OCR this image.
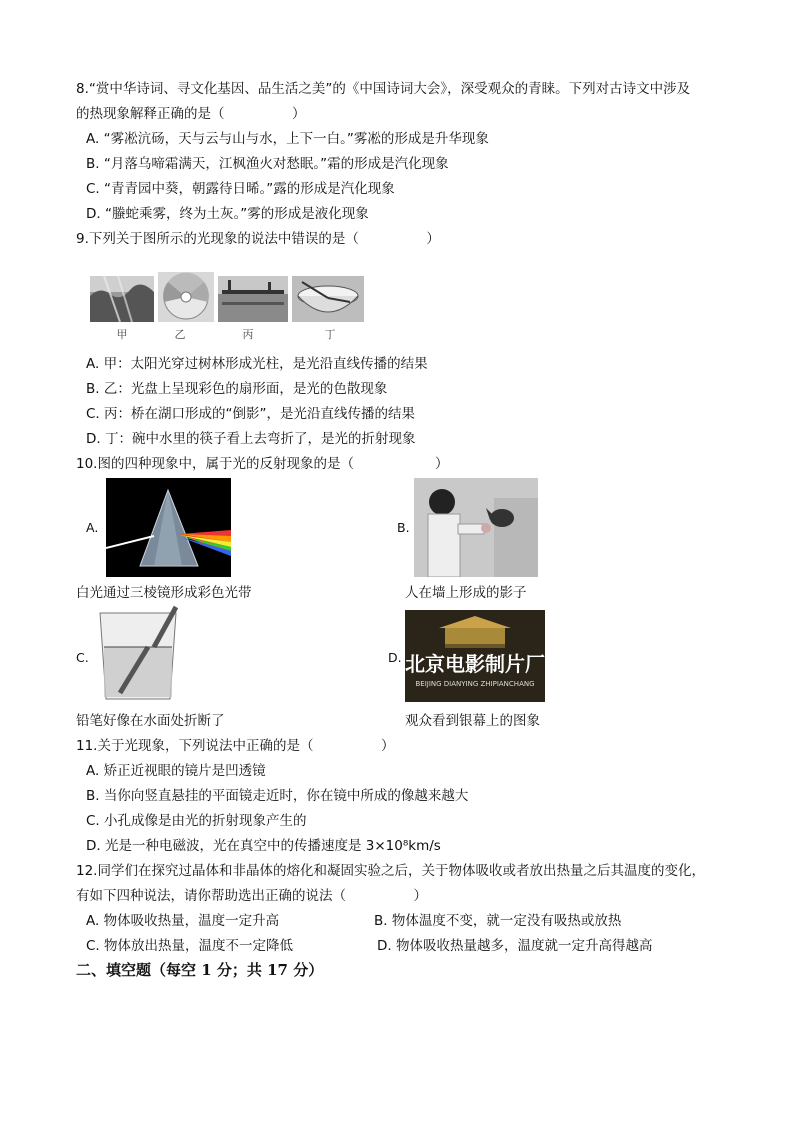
8.“赏中华诗词、寻文化基因、品生活之美”的《中国诗词大会》，深受观众的青睐。下列对古诗文中涉及
的热现象解释正确的是（　　　　　）
A. “雾凇沆砀，天与云与山与水，上下一白。”雾凇的形成是升华现象
B. “月落乌啼霜满天，江枫渔火对愁眠。”霜的形成是汽化现象
C. “青青园中葵，朝露待日晞。”露的形成是汽化现象
D. “螣蛇乘雾，终为土灰。”雾的形成是液化现象
9.下列关于图所示的光现象的说法中错误的是（　　　　　）
甲	乙	丙	丁
A. 甲：太阳光穿过树林形成光柱，是光沿直线传播的结果
B. 乙：光盘上呈现彩色的扇形面，是光的色散现象
C. 丙：桥在湖口形成的“倒影”，是光沿直线传播的结果
D. 丁：碗中水里的筷子看上去弯折了，是光的折射现象
10.图的四种现象中，属于光的反射现象的是（　　　　　　）
A.	B.
白光通过三棱镜形成彩色光带	人在墙上形成的影子
C.	D. 北京电影制片厂
BEIJING DIANYING ZHIPIANCHANG
铅笔好像在水面处折断了	观众看到银幕上的图象
11.关于光现象，下列说法中正确的是（　　　　　）
A. 矫正近视眼的镜片是凹透镜
B. 当你向竖直悬挂的平面镜走近时，你在镜中所成的像越来越大
C. 小孔成像是由光的折射现象产生的
D. 光是一种电磁波，光在真空中的传播速度是 3×10⁸km/s
12.同学们在探究过晶体和非晶体的熔化和凝固实验之后，关于物体吸收或者放出热量之后其温度的变化，
有如下四种说法，请你帮助选出正确的说法（　　　　　）
A. 物体吸收热量，温度一定升高	B. 物体温度不变，就一定没有吸热或放热
C. 物体放出热量，温度不一定降低	D. 物体吸收热量越多，温度就一定升高得越高
二、填空题（每空 1 分；共 17 分）
